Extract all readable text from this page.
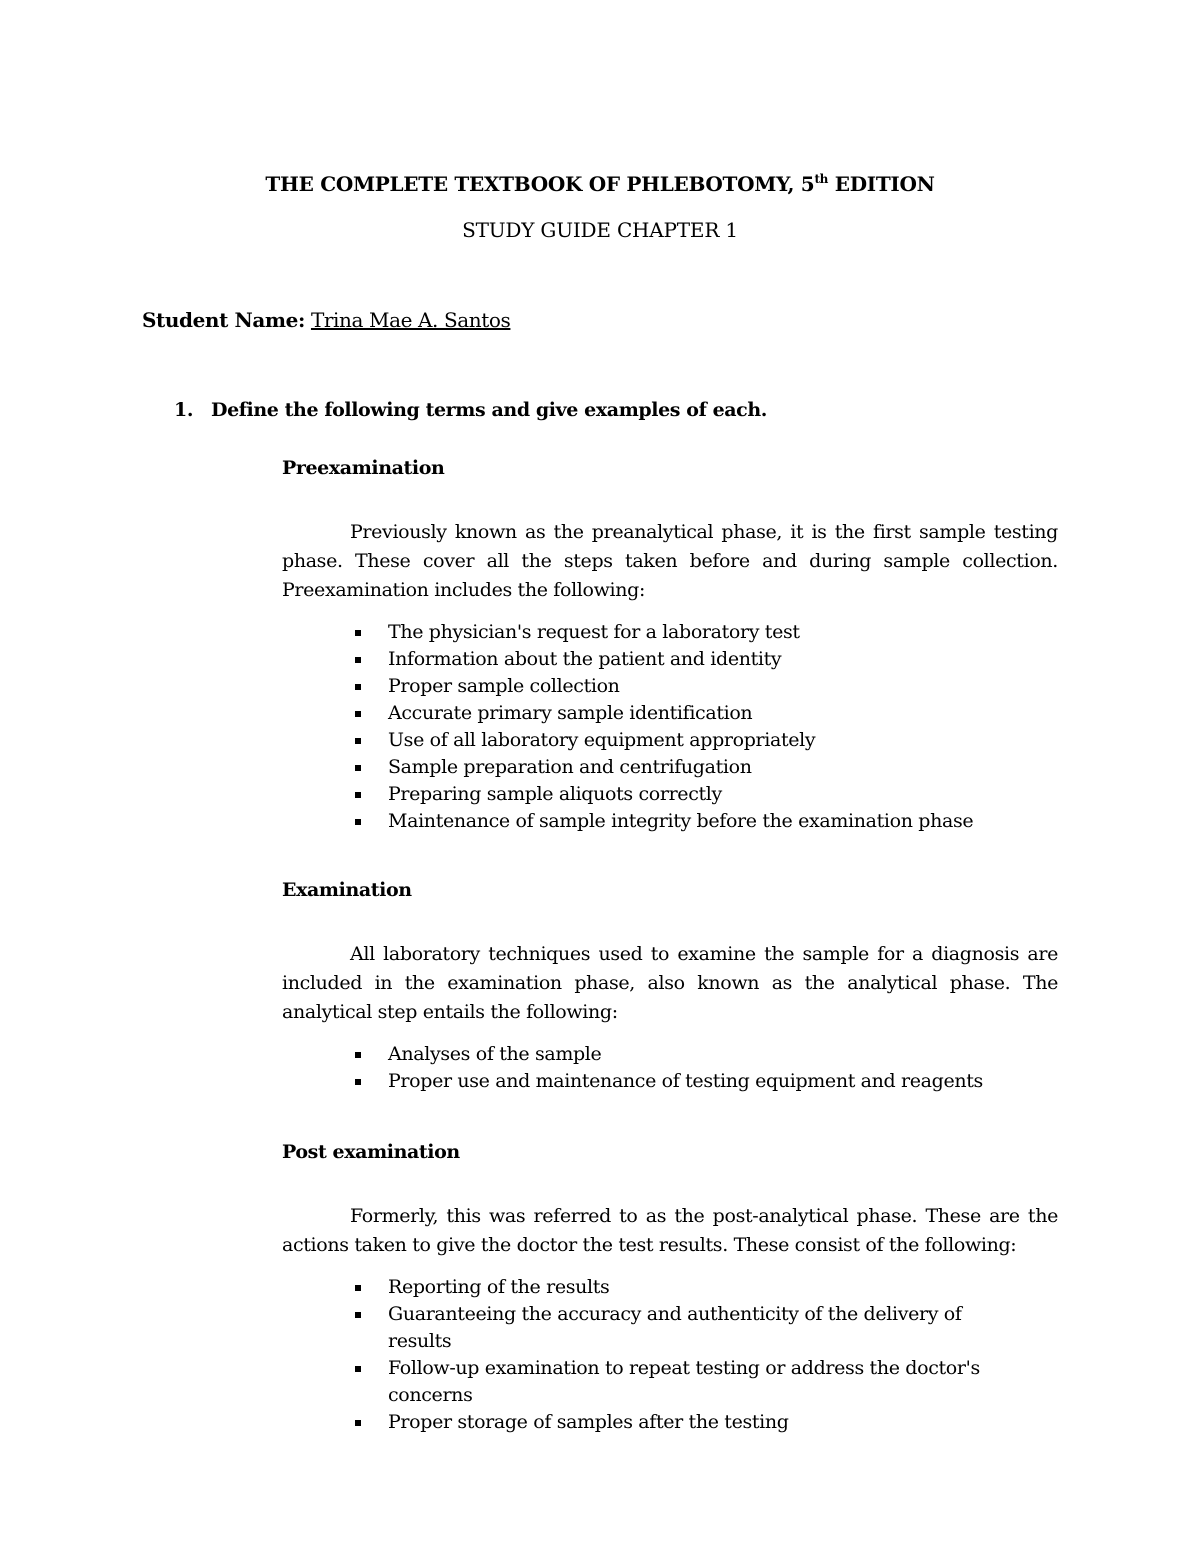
THE COMPLETE TEXTBOOK OF PHLEBOTOMY, 5th EDITION
STUDY GUIDE CHAPTER 1
Student Name: Trina Mae A. Santos
1. Define the following terms and give examples of each.

Preexamination

Previously known as the preanalytical phase, it is the first sample testing phase. These cover all the steps taken before and during sample collection. Preexamination includes the following:

The physician's request for a laboratory test
Information about the patient and identity
Proper sample collection
Accurate primary sample identification
Use of all laboratory equipment appropriately
Sample preparation and centrifugation
Preparing sample aliquots correctly
Maintenance of sample integrity before the examination phase

Examination

All laboratory techniques used to examine the sample for a diagnosis are included in the examination phase, also known as the analytical phase. The analytical step entails the following:

Analyses of the sample
Proper use and maintenance of testing equipment and reagents

Post examination

Formerly, this was referred to as the post-analytical phase. These are the actions taken to give the doctor the test results. These consist of the following:

Reporting of the results
Guaranteeing the accuracy and authenticity of the delivery of results
Follow-up examination to repeat testing or address the doctor's concerns
Proper storage of samples after the testing
